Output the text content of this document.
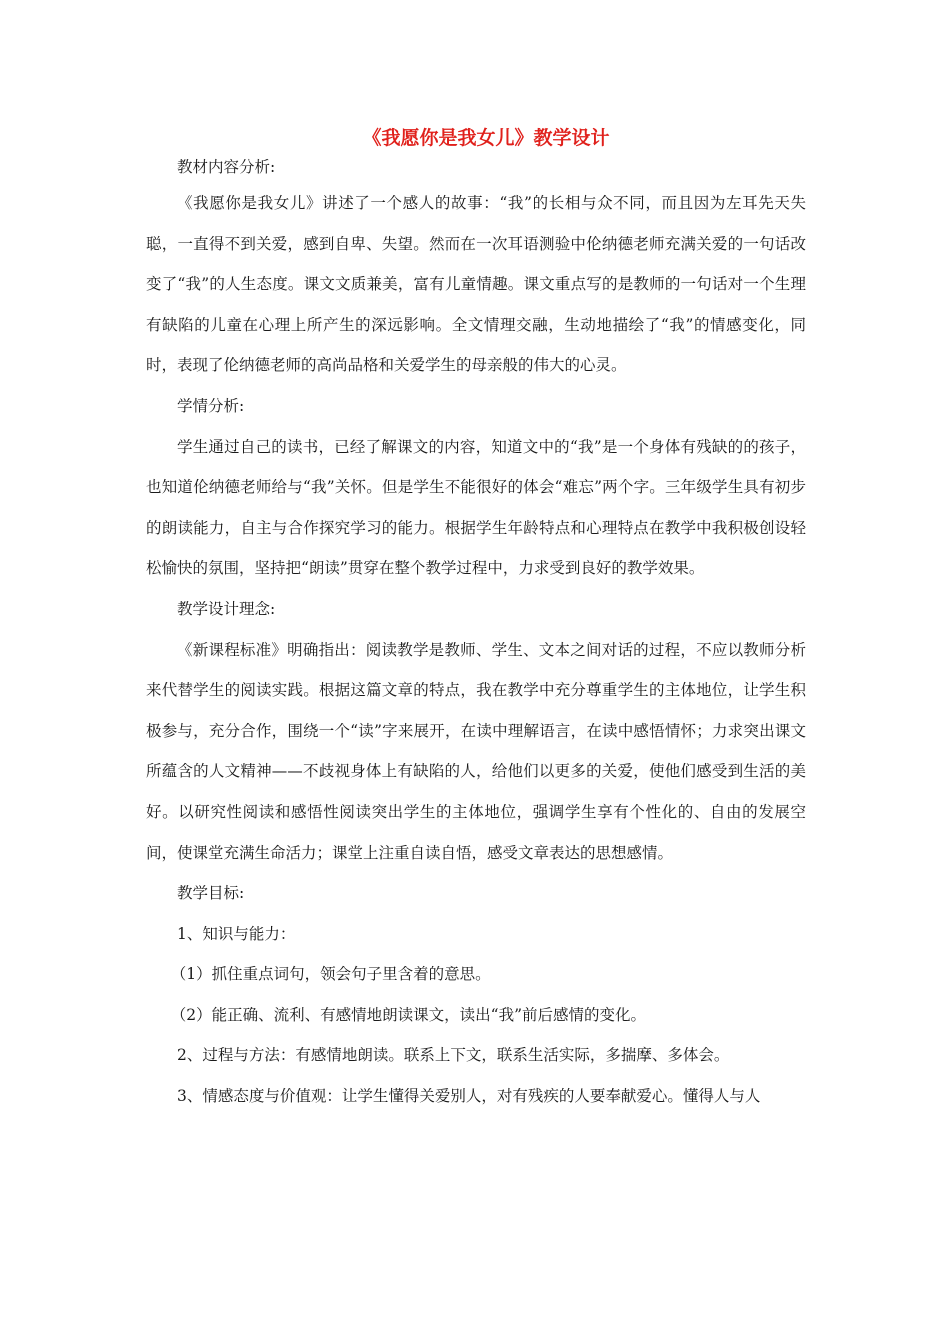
《我愿你是我女儿》教学设计

教材内容分析:

《我愿你是我女儿》讲述了一个感人的故事：“我”的长相与众不同，而且因为左耳先天失聪，一直得不到关爱，感到自卑、失望。然而在一次耳语测验中伦纳德老师充满关爱的一句话改变了“我”的人生态度。课文文质兼美，富有儿童情趣。课文重点写的是教师的一句话对一个生理有缺陷的儿童在心理上所产生的深远影响。全文情理交融，生动地描绘了“我”的情感变化，同时，表现了伦纳德老师的高尚品格和关爱学生的母亲般的伟大的心灵。

学情分析:

学生通过自己的读书，已经了解课文的内容，知道文中的“我”是一个身体有残缺的的孩子，也知道伦纳德老师给与“我”关怀。但是学生不能很好的体会“难忘”两个字。三年级学生具有初步的朗读能力，自主与合作探究学习的能力。根据学生年龄特点和心理特点在教学中我积极创设轻松愉快的氛围，坚持把“朗读”贯穿在整个教学过程中，力求受到良好的教学效果。

教学设计理念:

《新课程标准》明确指出：阅读教学是教师、学生、文本之间对话的过程，不应以教师分析来代替学生的阅读实践。根据这篇文章的特点，我在教学中充分尊重学生的主体地位，让学生积极参与，充分合作，围绕一个“读”字来展开，在读中理解语言，在读中感悟情怀；力求突出课文所蕴含的人文精神——不歧视身体上有缺陷的人，给他们以更多的关爱，使他们感受到生活的美好。以研究性阅读和感悟性阅读突出学生的主体地位，强调学生享有个性化的、自由的发展空间，使课堂充满生命活力；课堂上注重自读自悟，感受文章表达的思想感情。

教学目标:

1、知识与能力：

（1）抓住重点词句，领会句子里含着的意思。

（2）能正确、流利、有感情地朗读课文，读出“我”前后感情的变化。

2、过程与方法：有感情地朗读。联系上下文，联系生活实际，多揣摩、多体会。

3、情感态度与价值观：让学生懂得关爱别人，对有残疾的人要奉献爱心。懂得人与人
